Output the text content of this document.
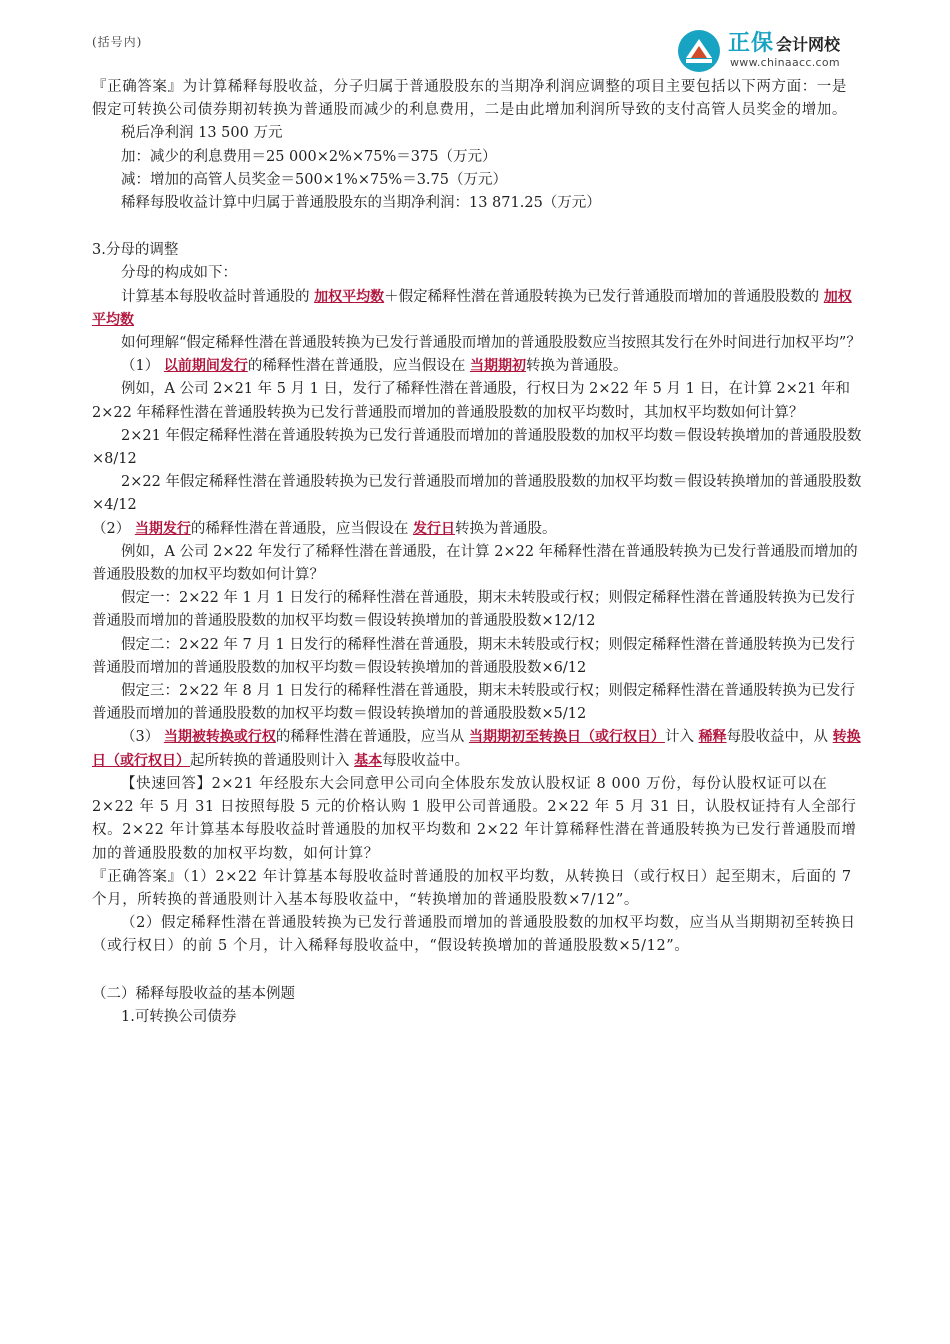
正保 会计网校
www.chinaacc.com
(括号内)

『正确答案』为计算稀释每股收益，分子归属于普通股股东的当期净利润应调整的项目主要包括以下两方面：一是假定可转换公司债券期初转换为普通股而减少的利息费用，二是由此增加利润所导致的支付高管人员奖金的增加。

税后净利润 13 500 万元

加：减少的利息费用＝25 000×2%×75%＝375（万元）

减：增加的高管人员奖金＝500×1%×75%＝3.75（万元）

稀释每股收益计算中归属于普通股股东的当期净利润：13 871.25（万元）

3.分母的调整

分母的构成如下：

计算基本每股收益时普通股的 加权平均数＋假定稀释性潜在普通股转换为已发行普通股而增加的普通股股数的 加权平均数

如何理解“假定稀释性潜在普通股转换为已发行普通股而增加的普通股股数应当按照其发行在外时间进行加权平均”？

（1） 以前期间发行的稀释性潜在普通股，应当假设在 当期期初转换为普通股。

例如，A 公司 2×21 年 5 月 1 日，发行了稀释性潜在普通股，行权日为 2×22 年 5 月 1 日，在计算 2×21 年和 2×22 年稀释性潜在普通股转换为已发行普通股而增加的普通股股数的加权平均数时，其加权平均数如何计算？

2×21 年假定稀释性潜在普通股转换为已发行普通股而增加的普通股股数的加权平均数＝假设转换增加的普通股股数×8/12

2×22 年假定稀释性潜在普通股转换为已发行普通股而增加的普通股股数的加权平均数＝假设转换增加的普通股股数×4/12

（2） 当期发行的稀释性潜在普通股，应当假设在 发行日转换为普通股。

例如，A 公司 2×22 年发行了稀释性潜在普通股，在计算 2×22 年稀释性潜在普通股转换为已发行普通股而增加的普通股股数的加权平均数如何计算？

假定一：2×22 年 1 月 1 日发行的稀释性潜在普通股，期末未转股或行权；则假定稀释性潜在普通股转换为已发行普通股而增加的普通股股数的加权平均数＝假设转换增加的普通股股数×12/12

假定二：2×22 年 7 月 1 日发行的稀释性潜在普通股，期末未转股或行权；则假定稀释性潜在普通股转换为已发行普通股而增加的普通股股数的加权平均数＝假设转换增加的普通股股数×6/12

假定三：2×22 年 8 月 1 日发行的稀释性潜在普通股，期末未转股或行权；则假定稀释性潜在普通股转换为已发行普通股而增加的普通股股数的加权平均数＝假设转换增加的普通股股数×5/12

（3） 当期被转换或行权的稀释性潜在普通股，应当从 当期期初至转换日（或行权日）计入 稀释每股收益中，从 转换日（或行权日）起所转换的普通股则计入 基本每股收益中。

【快速回答】2×21 年经股东大会同意甲公司向全体股东发放认股权证 8 000 万份，每份认股权证可以在 2×22 年 5 月 31 日按照每股 5 元的价格认购 1 股甲公司普通股。2×22 年 5 月 31 日，认股权证持有人全部行权。2×22 年计算基本每股收益时普通股的加权平均数和 2×22 年计算稀释性潜在普通股转换为已发行普通股而增加的普通股股数的加权平均数，如何计算？

『正确答案』（1）2×22 年计算基本每股收益时普通股的加权平均数，从转换日（或行权日）起至期末，后面的 7 个月，所转换的普通股则计入基本每股收益中，“转换增加的普通股股数×7/12”。

（2）假定稀释性潜在普通股转换为已发行普通股而增加的普通股股数的加权平均数，应当从当期期初至转换日（或行权日）的前 5 个月，计入稀释每股收益中，“假设转换增加的普通股股数×5/12”。

（二）稀释每股收益的基本例题

1.可转换公司债券
